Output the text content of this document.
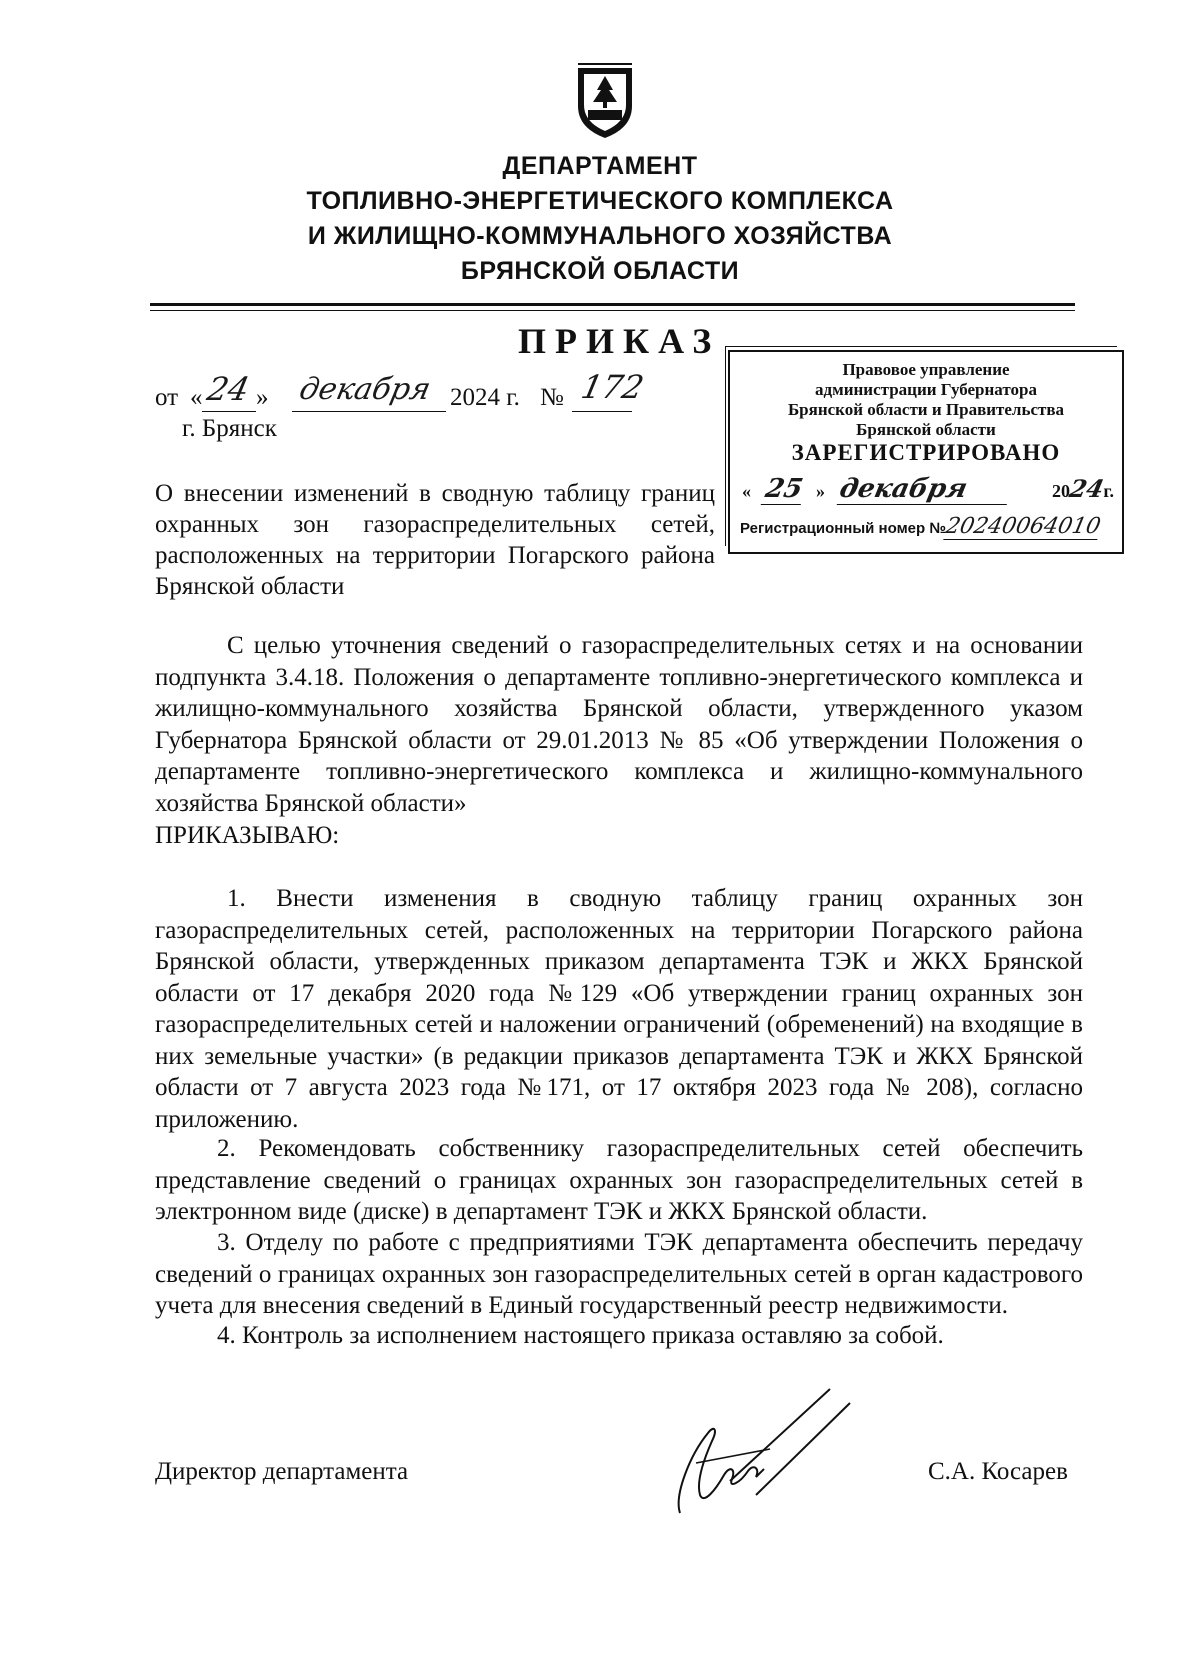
ДЕПАРТАМЕНТ
ТОПЛИВНО-ЭНЕРГЕТИЧЕСКОГО КОМПЛЕКСА
И ЖИЛИЩНО-КОММУНАЛЬНОГО ХОЗЯЙСТВА
БРЯНСКОЙ ОБЛАСТИ
ПРИКАЗ
от « 24 » декабря 2024 г. № 172
г. Брянск
О внесении изменений в сводную таблицу границ охранных зон газораспределительных сетей, расположенных на территории Погарского района Брянской области
Правовое управление
администрации Губернатора
Брянской области и Правительства
Брянской области
ЗАРЕГИСТРИРОВАНО
« 25 » декабря	2024г.
Регистрационный номер №20240064010
С целью уточнения сведений о газораспределительных сетях и на основании подпункта 3.4.18. Положения о департаменте топливно-энергетического комплекса и жилищно-коммунального хозяйства Брянской области, утвержденного указом Губернатора Брянской области от 29.01.2013 № 85 «Об утверждении Положения о департаменте топливно-энергетического комплекса и жилищно-коммунального хозяйства Брянской области»
ПРИКАЗЫВАЮ:
1. Внести изменения в сводную таблицу границ охранных зон газораспределительных сетей, расположенных на территории Погарского района Брянской области, утвержденных приказом департамента ТЭК и ЖКХ Брянской области от 17 декабря 2020 года №129 «Об утверждении границ охранных зон газораспределительных сетей и наложении ограничений (обременений) на входящие в них земельные участки» (в редакции приказов департамента ТЭК и ЖКХ Брянской области от 7 августа 2023 года №171, от 17 октября 2023 года № 208), согласно приложению.
2. Рекомендовать собственнику газораспределительных сетей обеспечить представление сведений о границах охранных зон газораспределительных сетей в электронном виде (диске) в департамент ТЭК и ЖКХ Брянской области.
3. Отделу по работе с предприятиями ТЭК департамента обеспечить передачу сведений о границах охранных зон газораспределительных сетей в орган кадастрового учета для внесения сведений в Единый государственный реестр недвижимости.
4. Контроль за исполнением настоящего приказа оставляю за собой.
Директор департамента	С.А. Косарев
